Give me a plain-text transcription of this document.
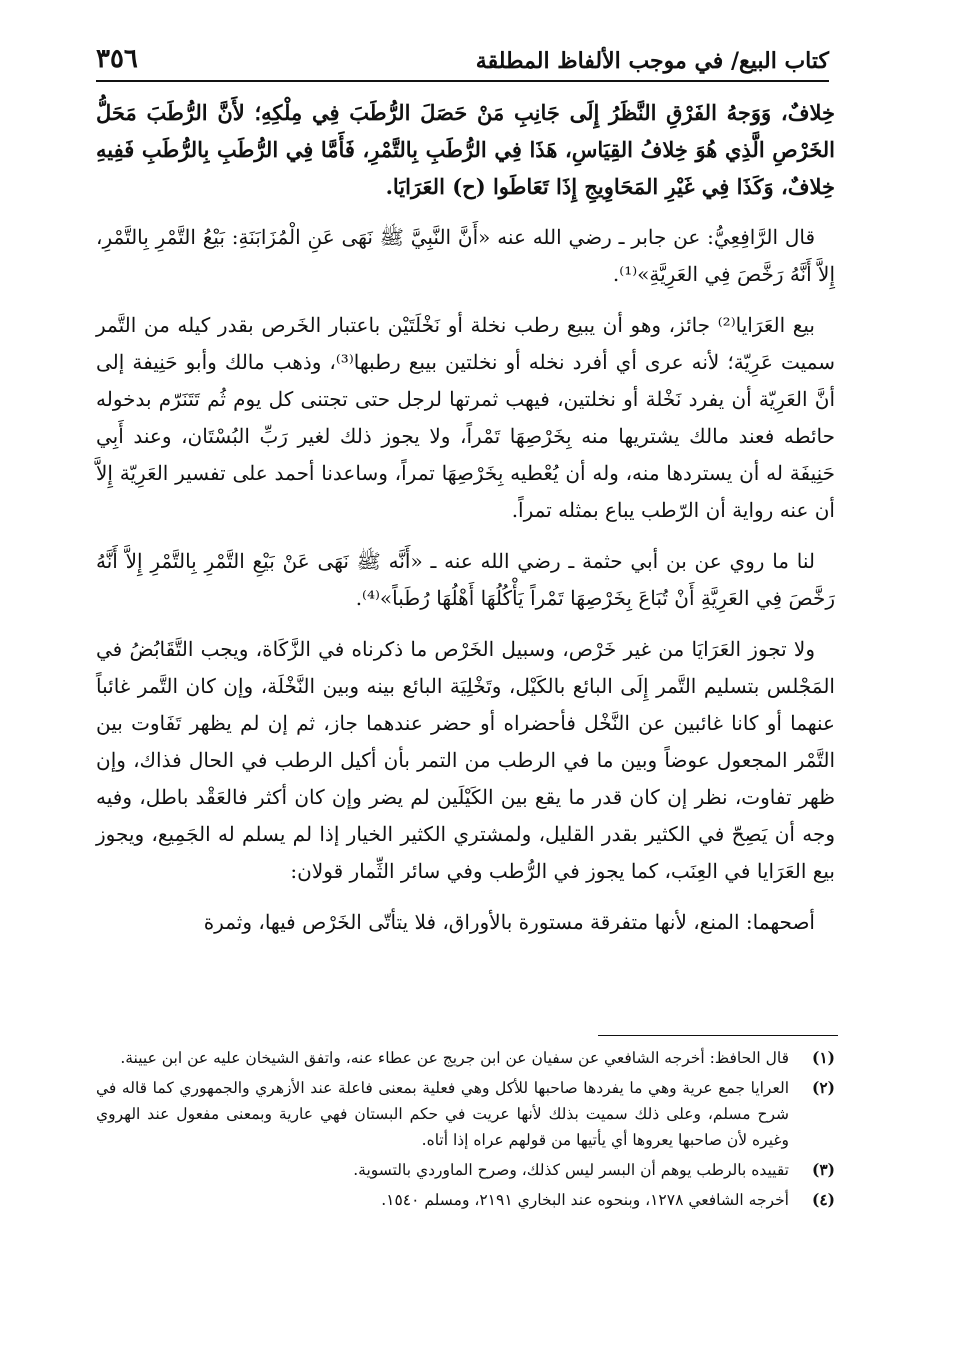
كتاب البيع/ في موجب الألفاظ المطلقة
٣٥٦

خِلافٌ، وَوَجهُ الفَرْقِ النَّظَرُ إِلَى جَانِبِ مَنْ حَصَلَ الرُّطَبَ فِي مِلْكِهِ؛ لأَنَّ الرُّطَبَ مَحَلُّ الخَرْصِ الَّذِي هُوَ خِلافُ القِيَاسِ، هَذَا فِي الرُّطَبِ بِالتَّمْرِ، فَأَمَّا فِي الرُّطَبِ بِالرُّطَبِ فَفِيهِ خِلافٌ، وَكَذَا فِي غَيْرِ المَحَاوِيجِ إِذَا تَعَاطَوا (ح) العَرَايَا.

قال الرَّافِعِيُّ: عن جابر ـ رضي الله عنه «أَنَّ النَّبِيَّ ﷺ نَهَى عَنِ الْمُزَابَنَةِ: بَيْعُ التَّمْرِ بِالتَّمْرِ، إِلاَّ أَنَّهُ رَخَّصَ فِي العَرِيَّةِ»⁽¹⁾.

بيع العَرَايا⁽²⁾ جائز، وهو أن يبيع رطب نخلة أو نَخْلَتَيْن باعتبار الخَرص بقدر كيله من التَّمر سميت عَرِيّة؛ لأنه عرى أي أفرد نخله أو نخلتين بيبع رطبها⁽³⁾، وذهب مالك وأبو حَنِيفة إلى أنَّ العَرِيّة أن يفرد نَخْلة أو نخلتين، فيهب ثمرتها لرجل حتى تجتنى كل يوم ثُم تَتَنَرّم بدخوله حائطه فعند مالك يشتريها منه بِخَرْصِهَا تَمْراً، ولا يجوز ذلك لغير رَبِّ البُسْتَان، وعند أَبِي حَنِيفَة له أن يستردها منه، وله أن يُعْطيه بِخَرْصِهَا تمراً، وساعدنا أحمد على تفسير العَرِيّة إِلاَّ أن عنه رواية أن الرّطب يباع بمثله تمراً.

لنا ما روي عن بن أبي حثمة ـ رضي الله عنه ـ «أَنَّه ﷺ نَهَى عَنْ بَيْعِ التَّمْرِ بِالتَّمْرِ إِلاَّ أَنَّهُ رَخَّصَ فِي العَرِيَّةِ أَنْ تُبَاعَ بِخَرْصِهَا تَمْراً يَأْكُلُهَا أَهْلُهَا رُطَباً»⁽⁴⁾.

ولا تجوز العَرَايَا من غير خَرْص، وسبيل الخَرْص ما ذكرناه في الزَّكَاة، ويجب التَّقَابُضُ في المَجْلس بتسليم التَّمر إِلَى البائع بالكَيْل، وتَخْلِيَة البائع بينه وبين النَّخْلَة، وإن كان التَّمر غائباً عنهما أو كانا غائبين عن النَّخْل فأحضراه أو حضر عندهما جاز، ثم إن لم يظهر تَفَاوت بين التَّمْر المجعول عوضاً وبين ما في الرطب من التمر بأن أكيل الرطب في الحال فذاك، وإن ظهر تفاوت، نظر إن كان قدر ما يقع بين الكَيْلَين لم يضر وإن كان أكثر فالعَقْد باطل، وفيه وجه أن يَصِحّ في الكثير بقدر القليل، ولمشتري الكثير الخيار إذا لم يسلم له الجَمِيع، ويجوز بيع العَرَايا في العِنَب، كما يجوز في الرُّطب وفي سائر الثِّمار قولان:

أصحهما: المنع، لأنها متفرقة مستورة بالأوراق، فلا يتأتّى الخَرْص فيها، وثمرة

(١)
قال الحافظ: أخرجه الشافعي عن سفيان عن ابن جريج عن عطاء عنه، واتفق الشيخان عليه عن ابن عيينة.
(٢)
العرايا جمع عرية وهي ما يفردها صاحبها للأكل وهي فعلية بمعنى فاعلة عند الأزهري والجمهوري كما قاله في شرح مسلم، وعلى ذلك سميت بذلك لأنها عريت في حكم البستان فهي عارية وبمعنى مفعول عند الهروي وغيره لأن صاحبها يعروها أي يأتيها من قولهم عراه إذا أتاه.
(٣)
تقييده بالرطب يوهم أن البسر ليس كذلك، وصرح الماوردي بالتسوية.
(٤)
أخرجه الشافعي ١٢٧٨، وبنحوه عند البخاري ٢١٩١، ومسلم ١٥٤٠.
